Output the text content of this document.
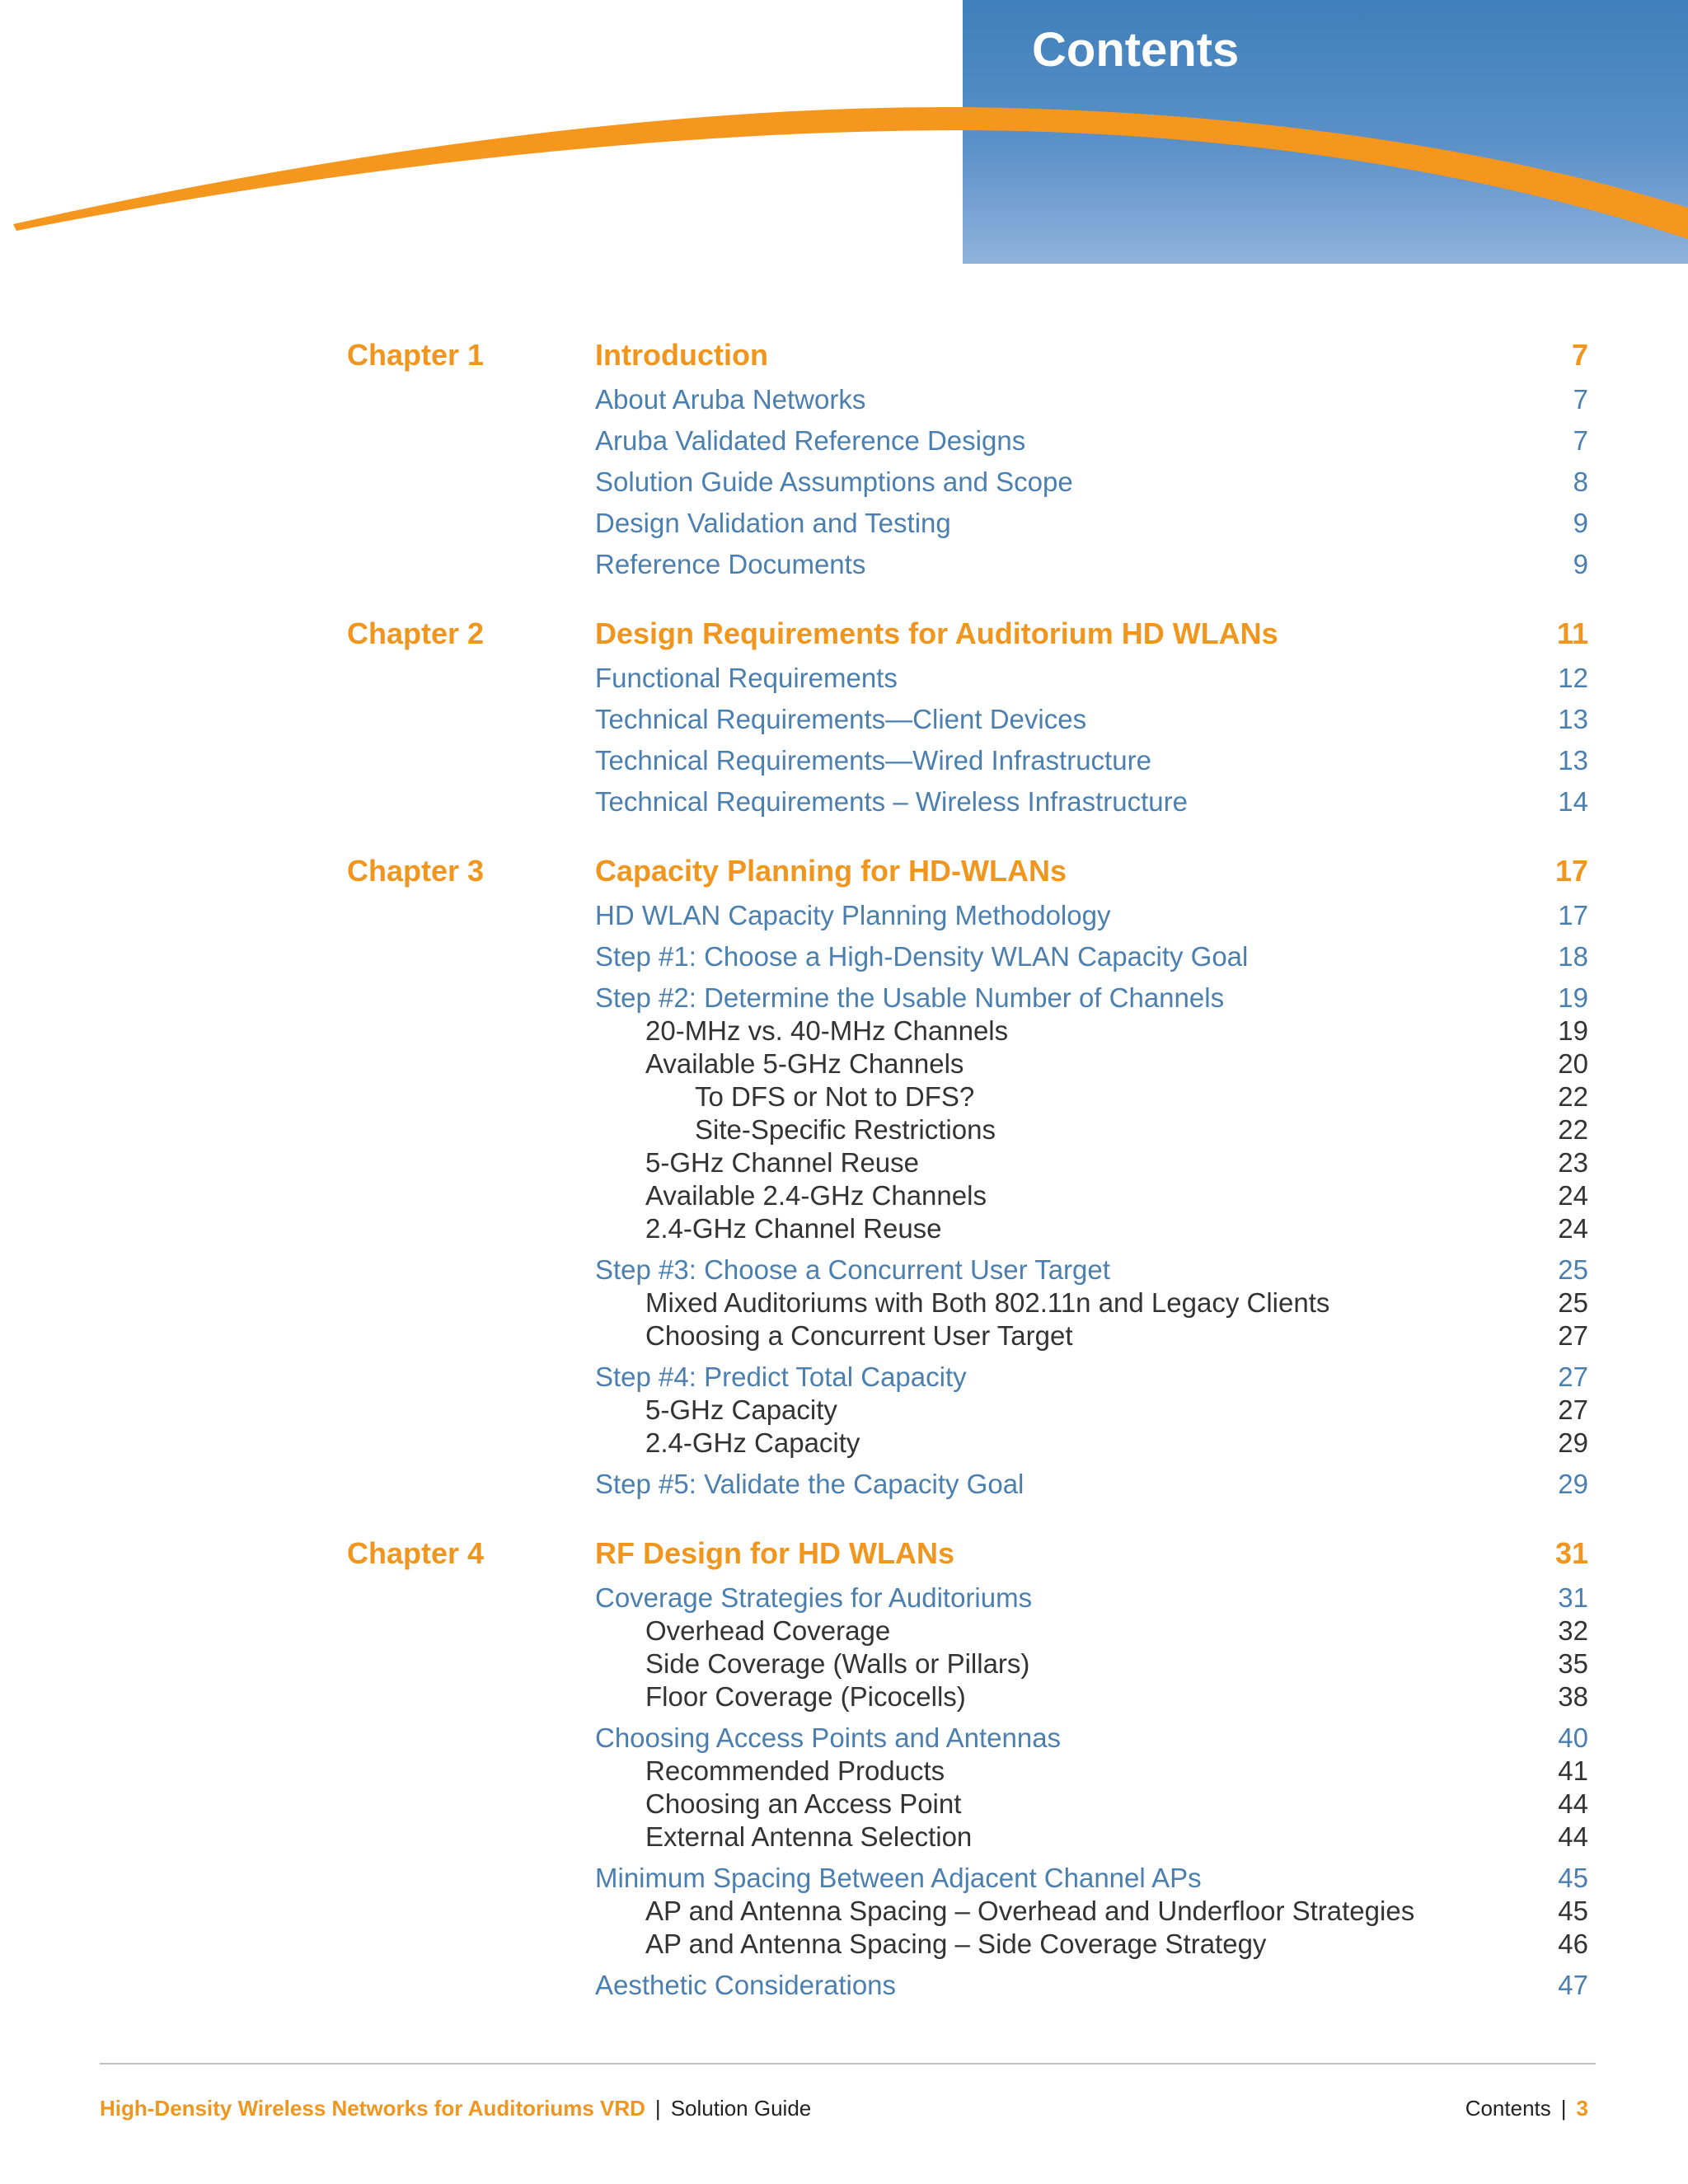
Contents
Chapter 1	Introduction	7
About Aruba Networks	7
Aruba Validated Reference Designs	7
Solution Guide Assumptions and Scope	8
Design Validation and Testing	9
Reference Documents	9
Chapter 2	Design Requirements for Auditorium HD WLANs	11
Functional Requirements	12
Technical Requirements—Client Devices	13
Technical Requirements—Wired Infrastructure	13
Technical Requirements – Wireless Infrastructure	14
Chapter 3	Capacity Planning for HD-WLANs	17
HD WLAN Capacity Planning Methodology	17
Step #1: Choose a High-Density WLAN Capacity Goal	18
Step #2: Determine the Usable Number of Channels	19
20-MHz vs. 40-MHz Channels	19
Available 5-GHz Channels	20
To DFS or Not to DFS?	22
Site-Specific Restrictions	22
5-GHz Channel Reuse	23
Available 2.4-GHz Channels	24
2.4-GHz Channel Reuse	24
Step #3: Choose a Concurrent User Target	25
Mixed Auditoriums with Both 802.11n and Legacy Clients	25
Choosing a Concurrent User Target	27
Step #4: Predict Total Capacity	27
5-GHz Capacity	27
2.4-GHz Capacity	29
Step #5: Validate the Capacity Goal	29
Chapter 4	RF Design for HD WLANs	31
Coverage Strategies for Auditoriums	31
Overhead Coverage	32
Side Coverage (Walls or Pillars)	35
Floor Coverage (Picocells)	38
Choosing Access Points and Antennas	40
Recommended Products	41
Choosing an Access Point	44
External Antenna Selection	44
Minimum Spacing Between Adjacent Channel APs	45
AP and Antenna Spacing – Overhead and Underfloor Strategies	45
AP and Antenna Spacing – Side Coverage Strategy	46
Aesthetic Considerations	47
High-Density Wireless Networks for Auditoriums VRD | Solution Guide	Contents | 3
